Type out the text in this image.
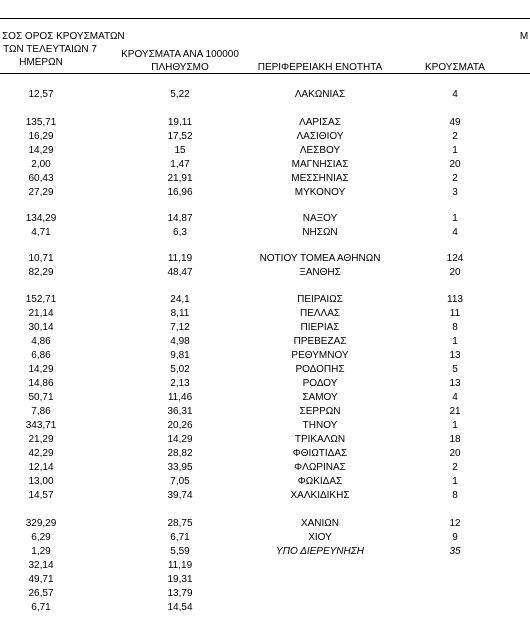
ΣΟΣ ΟΡΟΣ ΚΡΟΥΣΜΑΤΩΝ
ΤΩΝ ΤΕΛΕΥΤΑΙΩΝ 7
ΗΜΕΡΩΝ
ΚΡΟΥΣΜΑΤΑ ΑΝΑ 100000
ΠΛΗΘΥΣΜΟ	ΠΕΡΙΦΕΡΕΙΑΚΗ ΕΝΟΤΗΤΑ	ΚΡΟΥΣΜΑΤΑ
Μ
12,57	5,22	ΛΑΚΩΝΙΑΣ	4
135,71	19,11	ΛΑΡΙΣΑΣ	49
16,29	17,52	ΛΑΣΙΘΙΟΥ	2
14,29	15	ΛΕΣΒΟΥ	1
2,00	1,47	ΜΑΓΝΗΣΙΑΣ	20
60,43	21,91	ΜΕΣΣΗΝΙΑΣ	2
27,29	16,96	ΜΥΚΟΝΟΥ	3
134,29	14,87	ΝΑΞΟΥ	1
4,71	6,3	ΝΗΣΩΝ	4
10,71	11,19	ΝΟΤΙΟΥ ΤΟΜΕΑ ΑΘΗΝΩΝ	124
82,29	48,47	ΞΑΝΘΗΣ	20
152,71	24,1	ΠΕΙΡΑΙΩΣ	113
21,14	8,11	ΠΕΛΛΑΣ	11
30,14	7,12	ΠΙΕΡΙΑΣ	8
4,86	4,98	ΠΡΕΒΕΖΑΣ	1
6,86	9,81	ΡΕΘΥΜΝΟΥ	13
14,29	5,02	ΡΟΔΟΠΗΣ	5
14,86	2,13	ΡΟΔΟΥ	13
50,71	11,46	ΣΑΜΟΥ	4
7,86	36,31	ΣΕΡΡΩΝ	21
343,71	20,26	ΤΗΝΟΥ	1
21,29	14,29	ΤΡΙΚΑΛΩΝ	18
42,29	28,82	ΦΘΙΩΤΙΔΑΣ	20
12,14	33,95	ΦΛΩΡΙΝΑΣ	2
13,00	7,05	ΦΩΚΙΔΑΣ	1
14,57	39,74	ΧΑΛΚΙΔΙΚΗΣ	8
329,29	28,75	ΧΑΝΙΩΝ	12
6,29	6,71	ΧΙΟΥ	9
1,29	5,59	ΥΠΟ ΔΙΕΡΕΥΝΗΣΗ	35
32,14	11,19
49,71	19,31
26,57	13,79
6,71	14,54
